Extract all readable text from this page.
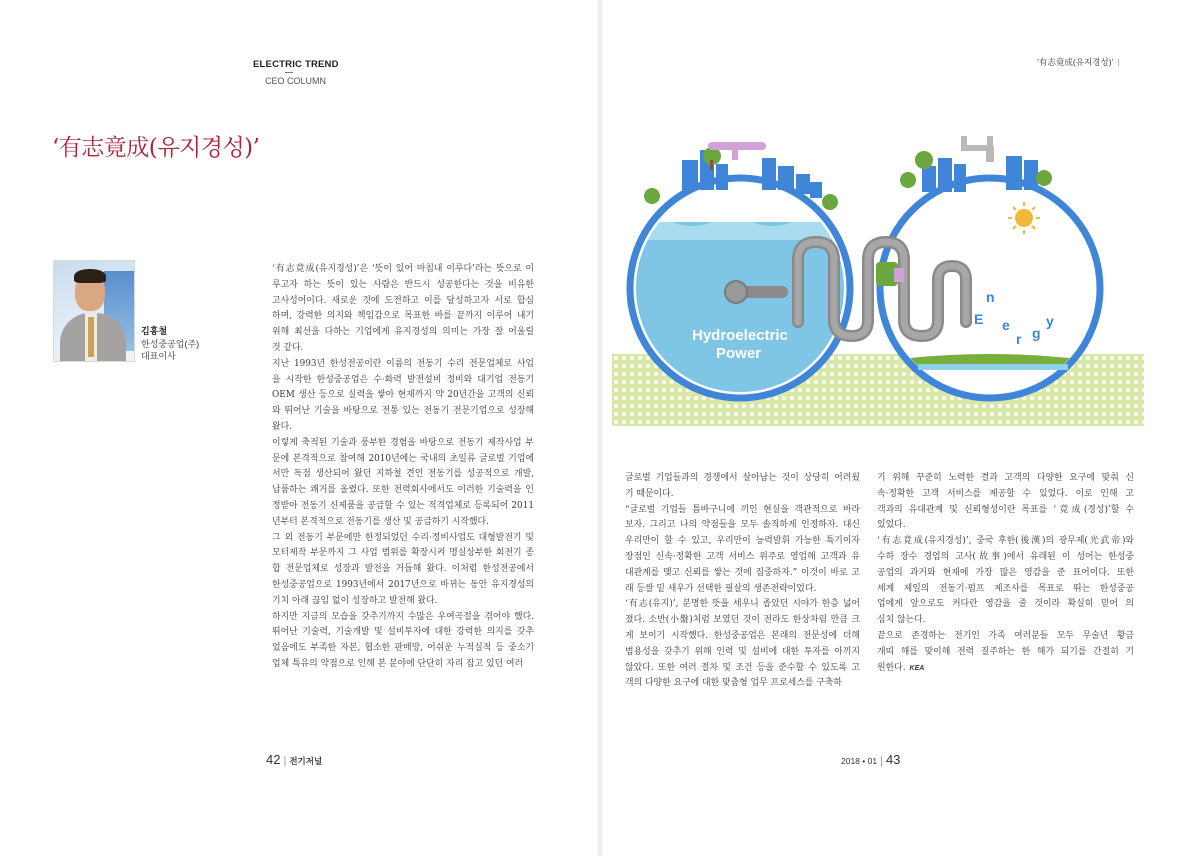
ELECTRIC TREND
CEO COLUMN
‘有志竟成(유지경성)’
김홍철
한성중공업(주)
대표이사

‘有志竟成(유지경성)’은 ‘뜻이 있어 마침내 이루다’라는 뜻으로 이

루고자 하는 뜻이 있는 사람은 반드시 성공한다는 것을 비유한

고사성어이다. 새로운 것에 도전하고 이를 달성하고자 서로 합심

하며, 강력한 의지와 책임감으로 목표한 바를 끝까지 이루어 내기

위해 최선을 다하는 기업에게 유지경성의 의미는 가장 잘 어울릴

것 같다.

지난 1993년 한성전공이란 이름의 전동기 수리 전문업체로 사업

을 시작한 한성중공업은 수·화력 발전설비 정비와 대기업 전동기

OEM 생산 등으로 실력을 쌓아 현재까지 약 20년간을 고객의 신뢰

와 뛰어난 기술을 바탕으로 전통 있는 전동기 전문기업으로 성장해

왔다.

이렇게 축적된 기술과 풍부한 경험을 바탕으로 전동기 제작사업 부

문에 본격적으로 참여해 2010년에는 국내의 초일류 글로벌 기업에

서만 독점 생산되어 왔던 지하철 견인 전동기를 성공적으로 개발,

납품하는 쾌거를 올렸다. 또한 전력회사에서도 이러한 기술력을 인

정받아 전동기 신제품을 공급할 수 있는 적격업체로 등록되어 2011

년부터 본격적으로 전동기를 생산 및 공급하기 시작했다.

그 외 전동기 부문에만 한정되었던 수리·정비사업도 대형발전기 및

모터제작 부문까지 그 사업 범위를 확장시켜 명실상부한 회전기 종

합 전문업체로 성장과 발전을 거듭해 왔다. 이처럼 한성전공에서

한성중공업으로 1993년에서 2017년으로 바뀌는 동안 유지경성의

기치 아래 끊임 없이 성장하고 발전해 왔다.

하지만 지금의 모습을 갖추기까지 수많은 우여곡절을 겪어야 했다.

뛰어난 기술력, 기술개발 및 설비투자에 대한 강력한 의지를 갖추

었음에도 부족한 자본, 협소한 판매망, 어쉬운 누적실적 등 중소기

업체 특유의 약점으로 인해 본 분야에 단단히 자리 잡고 있던 여러

글로벌 기업들과의 경쟁에서 살아남는 것이 상당히 어려웠

기 때문이다.

“글로벌 기업들 틈바구니에 끼인 현실을 객관적으로 바라

보자. 그리고 나의 약점들을 모두 솔직하게 인정하자. 대신

우리만이 할 수 있고, 우리만이 능력발휘 가능한 특기이자

장점인 신속·정확한 고객 서비스 위주로 영업해 고객과 유

대관계를 맺고 신뢰를 쌓는 것에 집중하자.” 이것이 바로 고

래 등쌀 밑 새우가 선택한 필살의 생존전략이었다.

‘有志(유지)’, 분명한 뜻을 세우니 좁았던 시야가 한층 넓어

졌다. 소반(小盤)처럼 보였던 것이 전라도 한상차림 만큼 크

게 보이기 시작했다. 한성중공업은 본래의 전문성에 더해

범용성을 갖추기 위해 인력 및 설비에 대한 투자를 아끼지

않았다. 또한 여러 절차 및 조건 등을 준수할 수 있도록 고

객의 다양한 요구에 대한 맞춤형 업무 프로세스를 구축하

기 위해 꾸준히 노력한 결과 고객의 다양한 요구에 맞춰 신

속·정확한 고객 서비스를 제공할 수 있었다. 이로 인해 고

객과의 유대관계 및 신뢰형성이란 목표를 ‘竟成(경성)’할 수

있었다.

‘有志竟成(유지경성)’, 중국 후한(後漢)의 광무제(光武帝)와

수하 장수 경엄의 고사(故事)에서 유래된 이 성어는 한성중

공업의 과거와 현재에 가장 많은 영감을 준 표어이다. 또한

세계 제일의 전동기·펌프 제조사를 목표로 뛰는 한성중공

업에게 앞으로도 커다란 영감을 줄 것이라 확실히 믿어 의

심치 않는다.

끝으로 존경하는 전기인 가족 여러분들 모두 무술년 황금

개띠 해를 맞이해 전력 질주하는 한 해가 되기를 간절히 기

원한다. KEA

‘有志竟成(유지경성)’ |
Hydroelectric
Power
Ener gy
42 | 전기저널	2018 • 01 | 43
